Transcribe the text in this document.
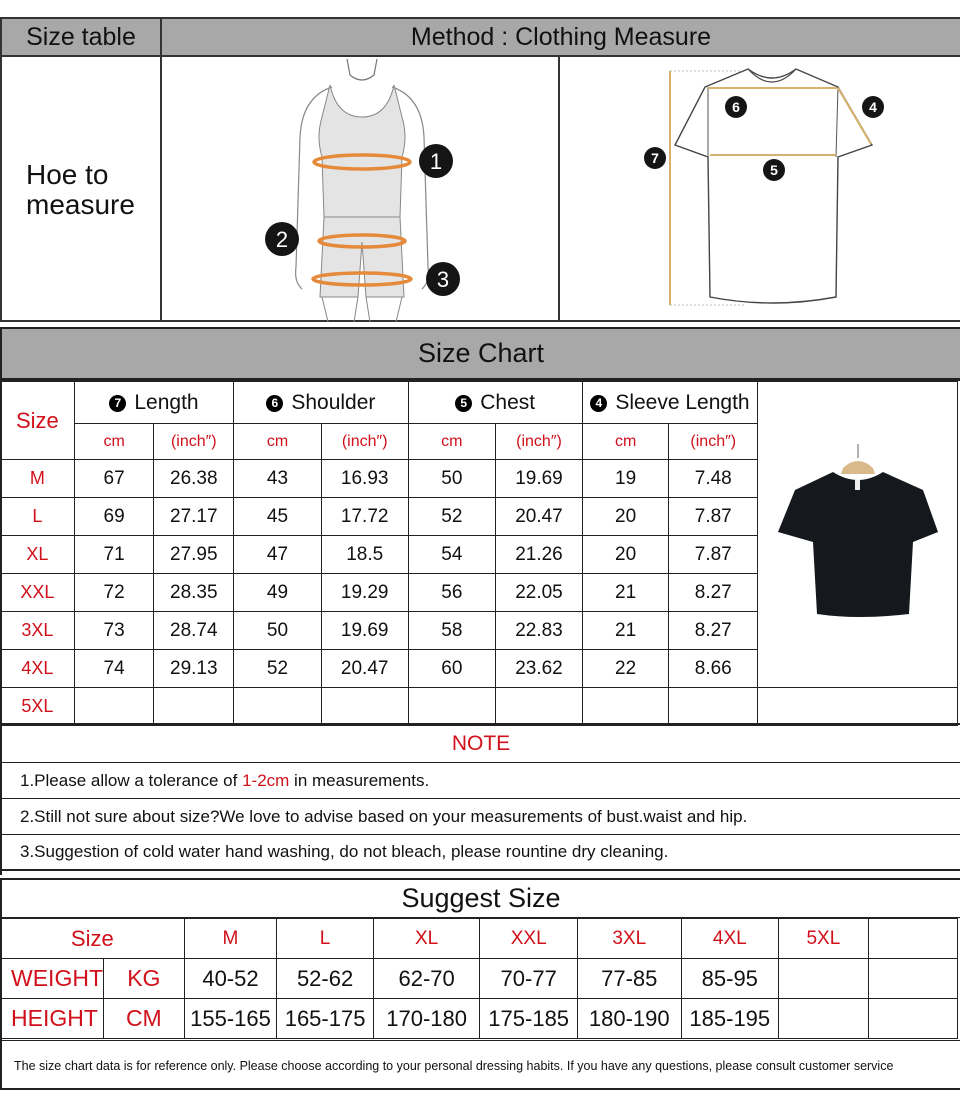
Size table	Method : Clothing Measure
Hoe to measure
1
2
3
6	4
7
5
Size Chart
Size	7 Length		6 Shoulder		5 Chest		4 Sleeve Length	
	cm	(inch″)	cm	(inch″)	cm	(inch″)	cm	(inch″)	
M	67	26.38	43	16.93	50	19.69	19	7.48	
L	69	27.17	45	17.72	52	20.47	20	7.87	
XL	71	27.95	47	18.5	54	21.26	20	7.87	
XXL	72	28.35	49	19.29	56	22.05	21	8.27	
3XL	73	28.74	50	19.69	58	22.83	21	8.27	
4XL	74	29.13	52	20.47	60	23.62	22	8.66	
5XL									
NOTE
1.Please allow a tolerance of 1-2cm in measurements.
2.Still not sure about size?We love to advise based on your measurements of bust.waist and hip.
3.Suggestion of cold water hand washing, do not bleach, please rountine dry cleaning.
Suggest Size
Size		M	L	XL	XXL	3XL	4XL	5XL	
WEIGHT	KG	40-52	52-62	62-70	70-77	77-85	85-95		
HEIGHT	CM	155-165	165-175	170-180	175-185	180-190	185-195		
The size chart data is for reference only. Please choose according to your personal dressing habits. If you have any questions, please consult customer service
